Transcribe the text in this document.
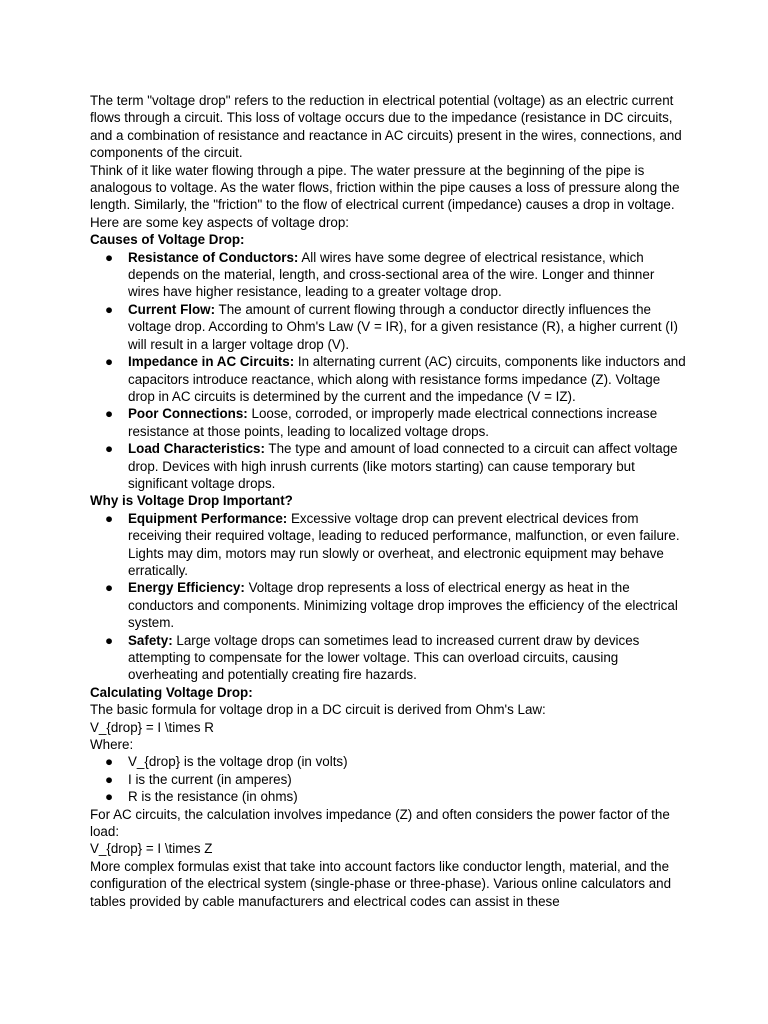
The term "voltage drop" refers to the reduction in electrical potential (voltage) as an electric current flows through a circuit. This loss of voltage occurs due to the impedance (resistance in DC circuits, and a combination of resistance and reactance in AC circuits) present in the wires, connections, and components of the circuit.

Think of it like water flowing through a pipe. The water pressure at the beginning of the pipe is analogous to voltage. As the water flows, friction within the pipe causes a loss of pressure along the length. Similarly, the "friction" to the flow of electrical current (impedance) causes a drop in voltage.

Here are some key aspects of voltage drop:

Causes of Voltage Drop:

● Resistance of Conductors: All wires have some degree of electrical resistance, which depends on the material, length, and cross-sectional area of the wire. Longer and thinner wires have higher resistance, leading to a greater voltage drop.
● Current Flow: The amount of current flowing through a conductor directly influences the voltage drop. According to Ohm's Law (V = IR), for a given resistance (R), a higher current (I) will result in a larger voltage drop (V).
● Impedance in AC Circuits: In alternating current (AC) circuits, components like inductors and capacitors introduce reactance, which along with resistance forms impedance (Z). Voltage drop in AC circuits is determined by the current and the impedance (V = IZ).
● Poor Connections: Loose, corroded, or improperly made electrical connections increase resistance at those points, leading to localized voltage drops.
● Load Characteristics: The type and amount of load connected to a circuit can affect voltage drop. Devices with high inrush currents (like motors starting) can cause temporary but significant voltage drops.

Why is Voltage Drop Important?

● Equipment Performance: Excessive voltage drop can prevent electrical devices from receiving their required voltage, leading to reduced performance, malfunction, or even failure. Lights may dim, motors may run slowly or overheat, and electronic equipment may behave erratically.
● Energy Efficiency: Voltage drop represents a loss of electrical energy as heat in the conductors and components. Minimizing voltage drop improves the efficiency of the electrical system.
● Safety: Large voltage drops can sometimes lead to increased current draw by devices attempting to compensate for the lower voltage. This can overload circuits, causing overheating and potentially creating fire hazards.

Calculating Voltage Drop:

The basic formula for voltage drop in a DC circuit is derived from Ohm's Law:

V_{drop} = I \times R

Where:

● V_{drop} is the voltage drop (in volts)
● I is the current (in amperes)
● R is the resistance (in ohms)

For AC circuits, the calculation involves impedance (Z) and often considers the power factor of the load:

V_{drop} = I \times Z

More complex formulas exist that take into account factors like conductor length, material, and the configuration of the electrical system (single-phase or three-phase). Various online calculators and tables provided by cable manufacturers and electrical codes can assist in these
